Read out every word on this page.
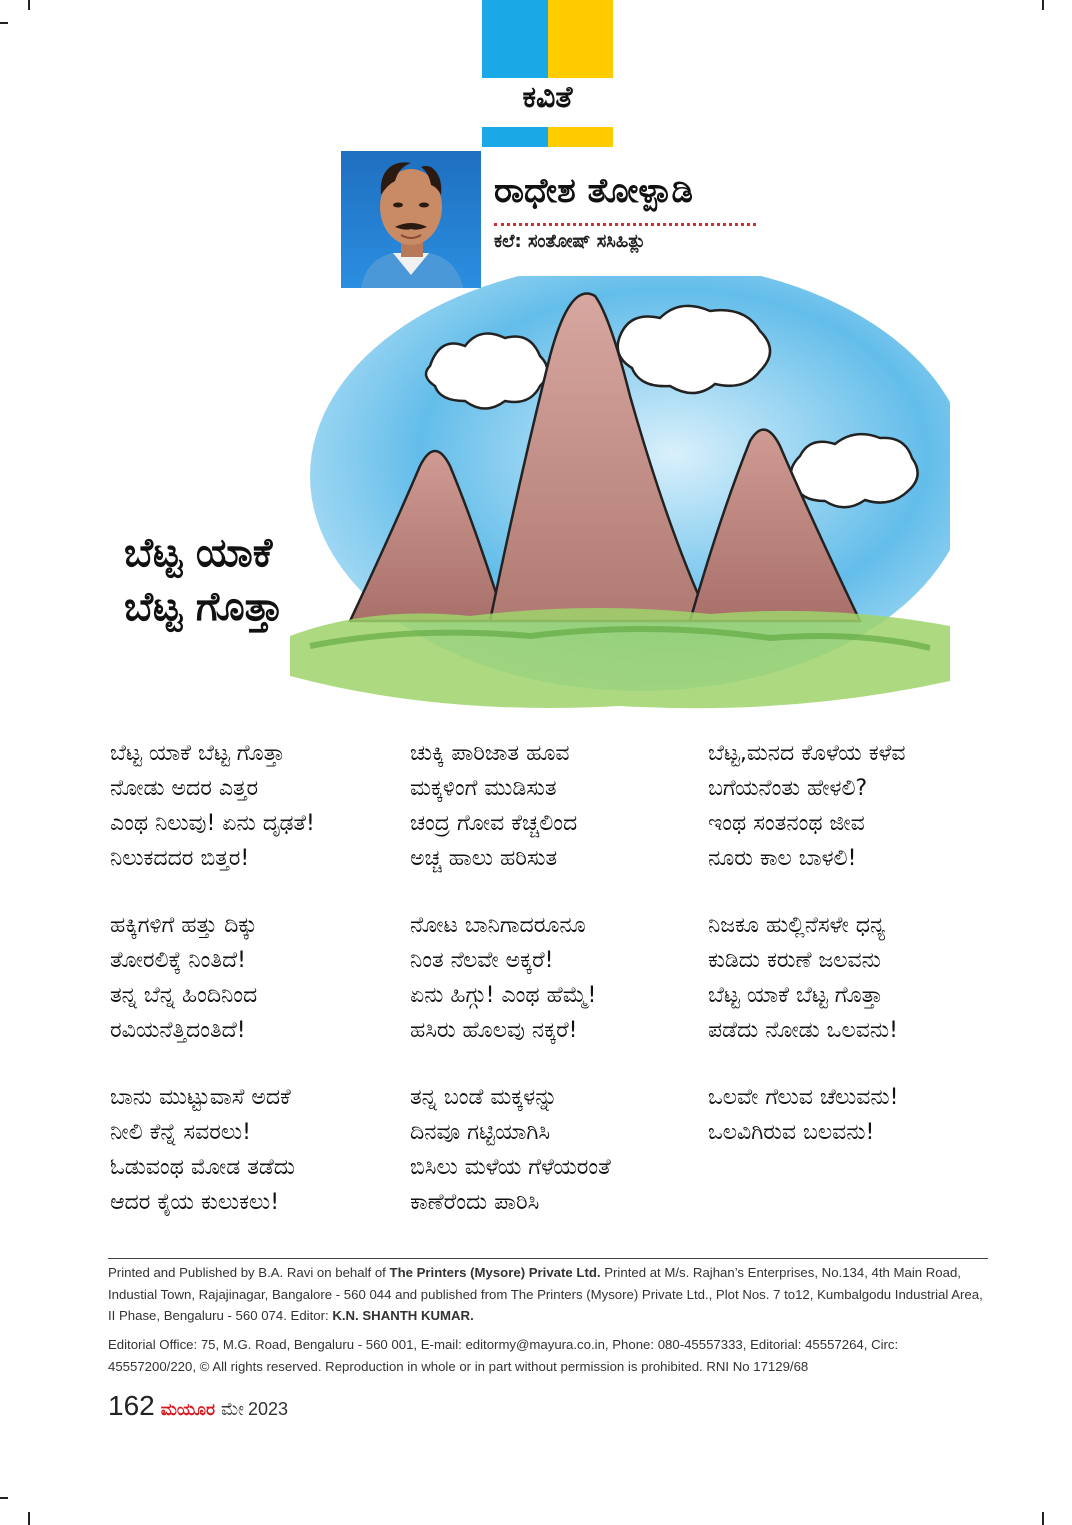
ಕವಿತೆ
ರಾಧೇಶ ತೋಳ್ಪಾಡಿ
ಕಲೆ: ಸಂತೋಷ್ ಸಸಿಹಿತ್ಲು
ಬೆಟ್ಟ ಯಾಕೆ
ಬೆಟ್ಟ ಗೊತ್ತಾ
ಬೆಟ್ಟ ಯಾಕೆ ಬೆಟ್ಟ ಗೊತ್ತಾ
ನೋಡು ಅದರ ಎತ್ತರ
ಎಂಥ ನಿಲುವು! ಏನು ದೃಢತೆ!
ನಿಲುಕದದರ ಬಿತ್ತರ!
ಹಕ್ಕಿಗಳಿಗೆ ಹತ್ತು ದಿಕ್ಕು
ತೋರಲಿಕ್ಕೆ ನಿಂತಿದೆ!
ತನ್ನ ಬೆನ್ನ ಹಿಂದಿನಿಂದ
ರವಿಯನೆತ್ತಿದಂತಿದೆ!
ಬಾನು ಮುಟ್ಟುವಾಸೆ ಅದಕೆ
ನೀಲಿ ಕೆನ್ನೆ ಸವರಲು!
ಓಡುವಂಥ ಮೋಡ ತಡೆದು
ಆದರ ಕೈಯ ಕುಲುಕಲು!
ಚುಕ್ಕಿ ಪಾರಿಜಾತ ಹೂವ
ಮಕ್ಕಳಿಂಗೆ ಮುಡಿಸುತ
ಚಂದ್ರ ಗೋವ ಕೆಚ್ಚಲಿಂದ
ಅಚ್ಚ ಹಾಲು ಹರಿಸುತ
ನೋಟ ಬಾನಿಗಾದರೂನೂ
ನಿಂತ ನೆಲವೇ ಅಕ್ಕರೆ!
ಏನು ಹಿಗ್ಗು! ಎಂಥ ಹೆಮ್ಮೆ!
ಹಸಿರು ಹೊಲವು ನಕ್ಕರೆ!
ತನ್ನ ಬಂಡೆ ಮಕ್ಕಳನ್ನು
ದಿನವೂ ಗಟ್ಟಿಯಾಗಿಸಿ
ಬಿಸಿಲು ಮಳೆಯ ಗೆಳೆಯರಂತೆ
ಕಾಣೆರೆಂದು ಪಾರಿಸಿ
ಬೆಟ್ಟ,ಮನದ ಕೊಳೆಯ ಕಳೆವ
ಬಗೆಯನೆಂತು ಹೇಳಲಿ?
ಇಂಥ ಸಂತನಂಥ ಜೀವ
ನೂರು ಕಾಲ ಬಾಳಲಿ!
ನಿಜಕೂ ಹುಲ್ಲಿನೆಸಳೇ ಧನ್ಯ
ಕುಡಿದು ಕರುಣೆ ಜಲವನು
ಬೆಟ್ಟ ಯಾಕೆ ಬೆಟ್ಟ ಗೊತ್ತಾ
ಪಡೆದು ನೋಡು ಒಲವನು!
ಒಲವೇ ಗೆಲುವ ಚೆಲುವನು!
ಒಲವಿಗಿರುವ ಬಲವನು!
Printed and Published by B.A. Ravi on behalf of The Printers (Mysore) Private Ltd. Printed at M/s. Rajhan’s Enterprises, No.134, 4th Main Road, Industial Town, Rajajinagar, Bangalore - 560 044 and published from The Printers (Mysore) Private Ltd., Plot Nos. 7 to12, Kumbalgodu Industrial Area, II Phase, Bengaluru - 560 074. Editor: K.N. SHANTH KUMAR.
Editorial Office: 75, M.G. Road, Bengaluru - 560 001, E-mail: editormy@mayura.co.in, Phone: 080-45557333, Editorial: 45557264, Circ: 45557200/220, © All rights reserved. Reproduction in whole or in part without permission is prohibited. RNI No 17129/68
162 ಮಯೂರ ಮೇ 2023
